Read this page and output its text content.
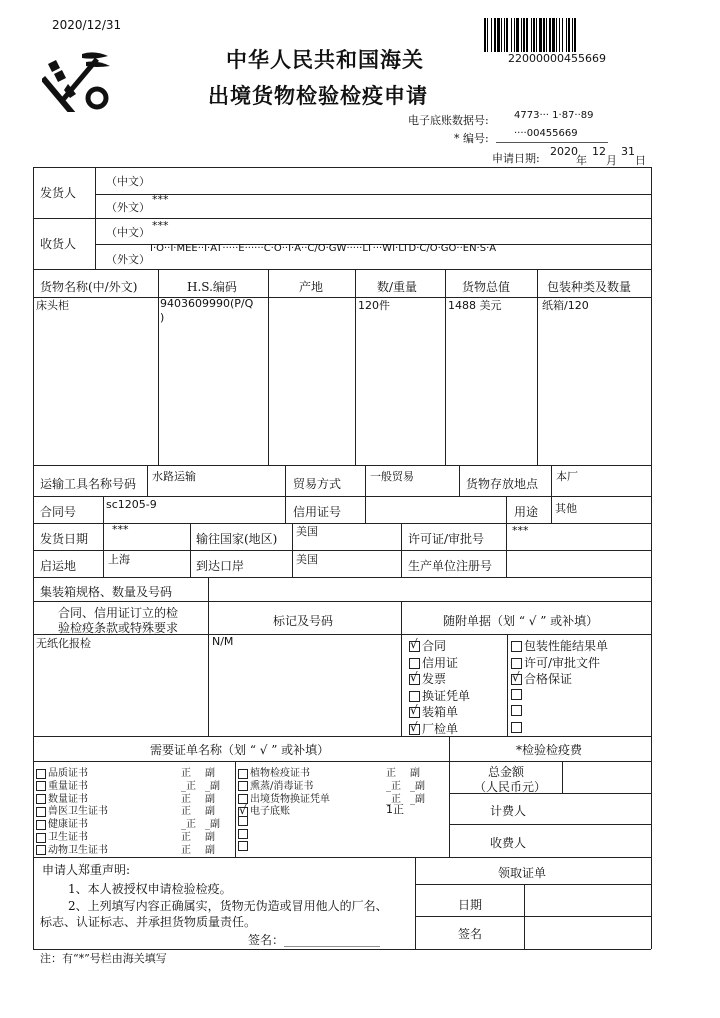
2020/12/31
中华人民共和国海关
出境货物检验检疫申请
22000000455669
电子底账数据号:	4773··· 1·87··89
* 编号:	····00455669
申请日期:
2020
年
12
月
31
日
发货人
（中文）
（外文）
***
收货人
（中文）
***
（外文）
I·O··I·MEE··I·AT·····E······C·O··I·A··C/O·GW·····LT···WI·LTD·C/O·GO··EN·S·A
货物名称(中/外文)	H.S.编码	产地	数/重量	货物总值	包装种类及数量
床头柜	9403609990(P/Q
)
120件	1488 美元	纸箱/120
运输工具名称号码
水路运输
贸易方式
一般贸易
货物存放地点
本厂
合同号
sc1205-9
信用证号	用途 其他
发货日期
***
输往国家(地区)
美国
许可证/审批号
***
启运地	上海	到达口岸	美国	生产单位注册号
集装箱规格、数量及号码
合同、信用证订立的检
验检疫条款或特殊要求	标记及号码	随附单据（划 “ √ ” 或补填）
无纸化报检	N/M
√	合同
信用证
√发票
换证凭单
√装箱单
√厂检单
包装性能结果单
许可/审批文件
√合格保证
需要证单名称（划 “ √ ” 或补填）	*检验检疫费
品质证书	正 副
重量证书	_正 _副
数量证书	正 副
兽医卫生证书	正 副
健康证书	_正 _副
卫生证书	正 副
动物卫生证书	正 副
植物检疫证书	正 副
熏蒸/消毒证书	_正 _副
出境货物换证凭单	_正 _副
√电子底账	1正
总金额
（人民币元）
计费人
收费人
申请人郑重声明:
1、本人被授权申请检验检疫。
2、上列填写内容正确属实，货物无伪造或冒用他人的厂名、
标志、认证标志、并承担货物质量责任。
签名：________________
领取证单
日期
签名
注：有“*”号栏由海关填写
